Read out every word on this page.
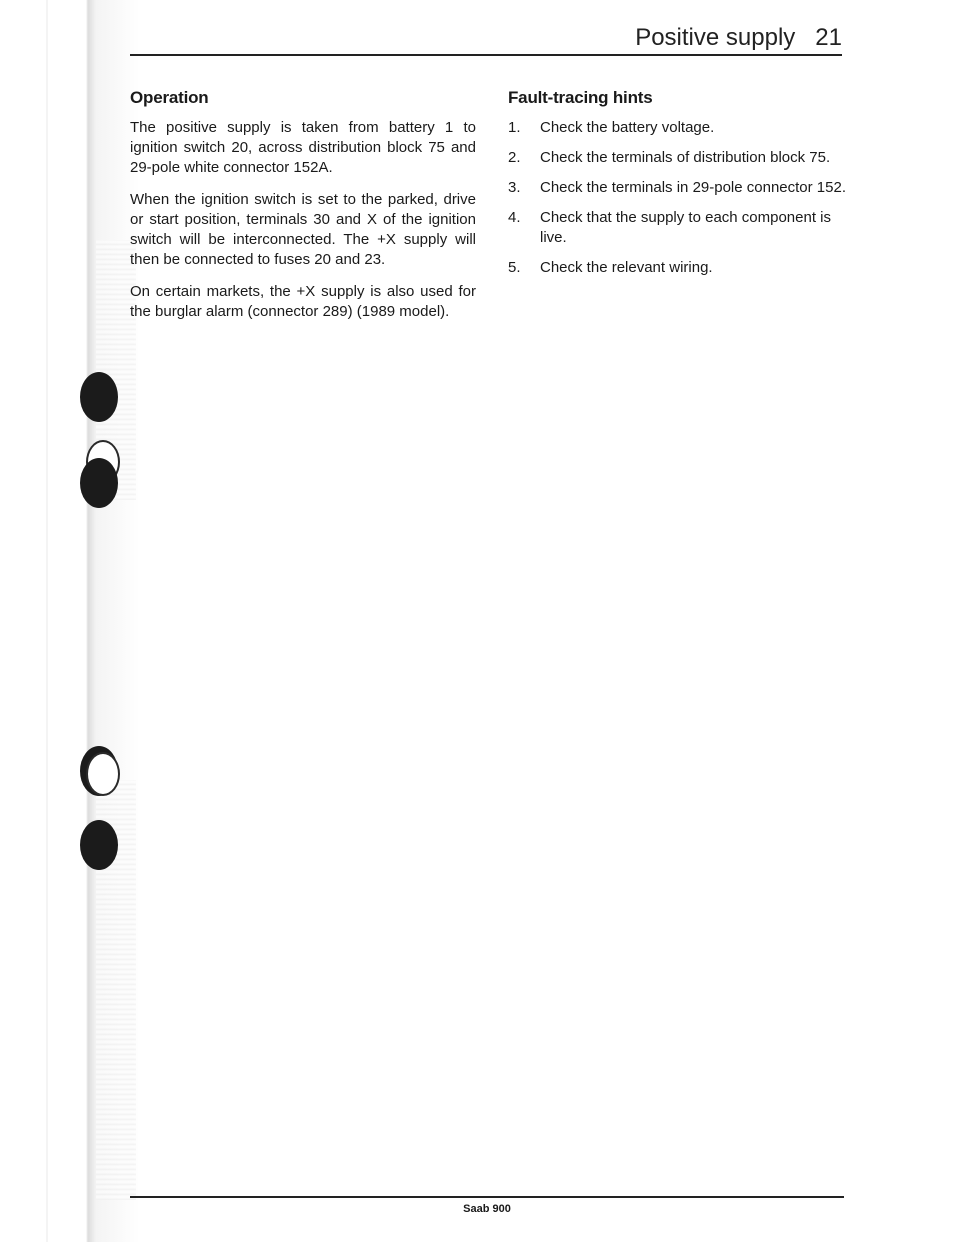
Positive supply 21
Operation

The positive supply is taken from battery 1 to ignition switch 20, across distribution block 75 and 29-pole white connector 152A.

When the ignition switch is set to the parked, drive or start position, terminals 30 and X of the ignition switch will be interconnected. The +X supply will then be connected to fuses 20 and 23.

On certain markets, the +X supply is also used for the burglar alarm (connector 289) (1989 model).

Fault-tracing hints
1. Check the battery voltage.
2. Check the terminals of distribution block 75.
3. Check the terminals in 29-pole connector 152.
4. Check that the supply to each component is live.
5. Check the relevant wiring.
Saab 900
